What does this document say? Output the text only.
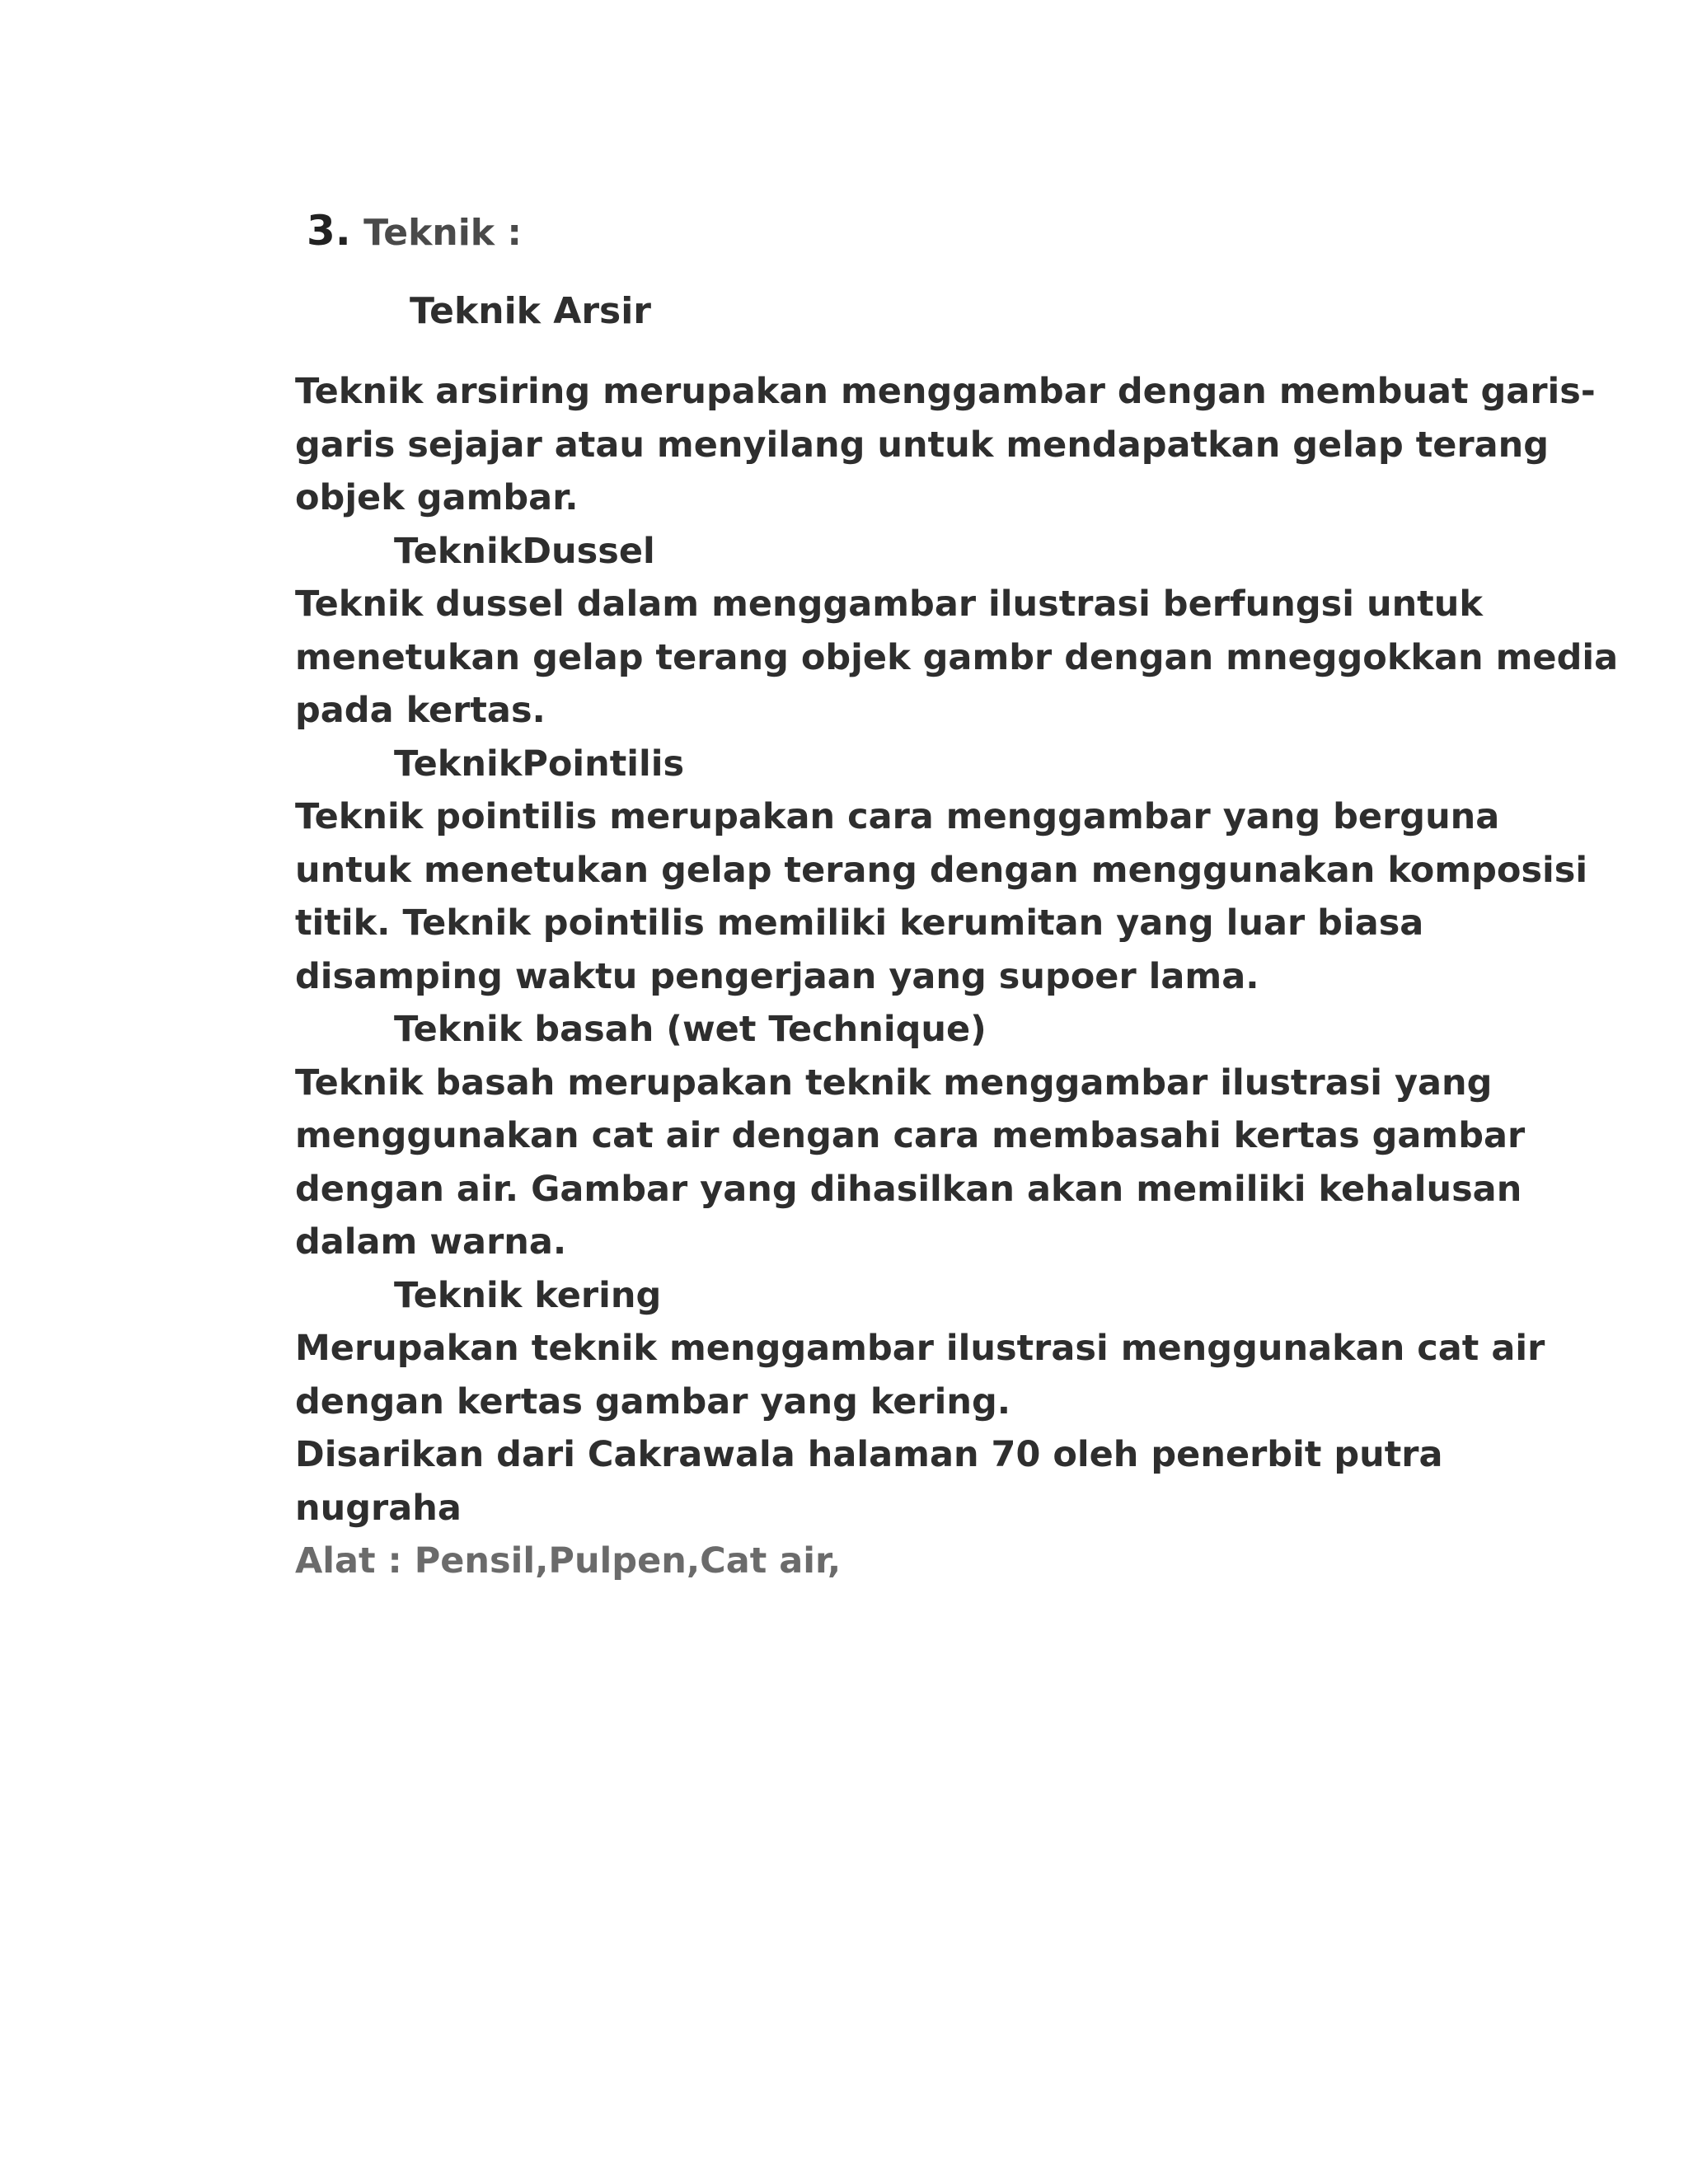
3. Teknik :
Teknik Arsir
Teknik arsiring merupakan menggambar dengan membuat garis-
garis sejajar atau menyilang untuk mendapatkan gelap terang
objek gambar.
TeknikDussel
Teknik dussel dalam menggambar ilustrasi berfungsi untuk
menetukan gelap terang objek gambr dengan mneggokkan media
pada kertas.
TeknikPointilis
Teknik pointilis merupakan cara menggambar yang berguna
untuk menetukan gelap terang dengan menggunakan komposisi
titik. Teknik pointilis memiliki kerumitan yang luar biasa
disamping waktu pengerjaan yang supoer lama.
Teknik basah (wet Technique)
Teknik basah merupakan teknik menggambar ilustrasi yang
menggunakan cat air dengan cara membasahi kertas gambar
dengan air. Gambar yang dihasilkan akan memiliki kehalusan
dalam warna.
Teknik kering
Merupakan teknik menggambar ilustrasi menggunakan cat air
dengan kertas gambar yang kering.
Disarikan dari Cakrawala halaman 70 oleh penerbit putra
nugraha
Alat : Pensil,Pulpen,Cat air,
